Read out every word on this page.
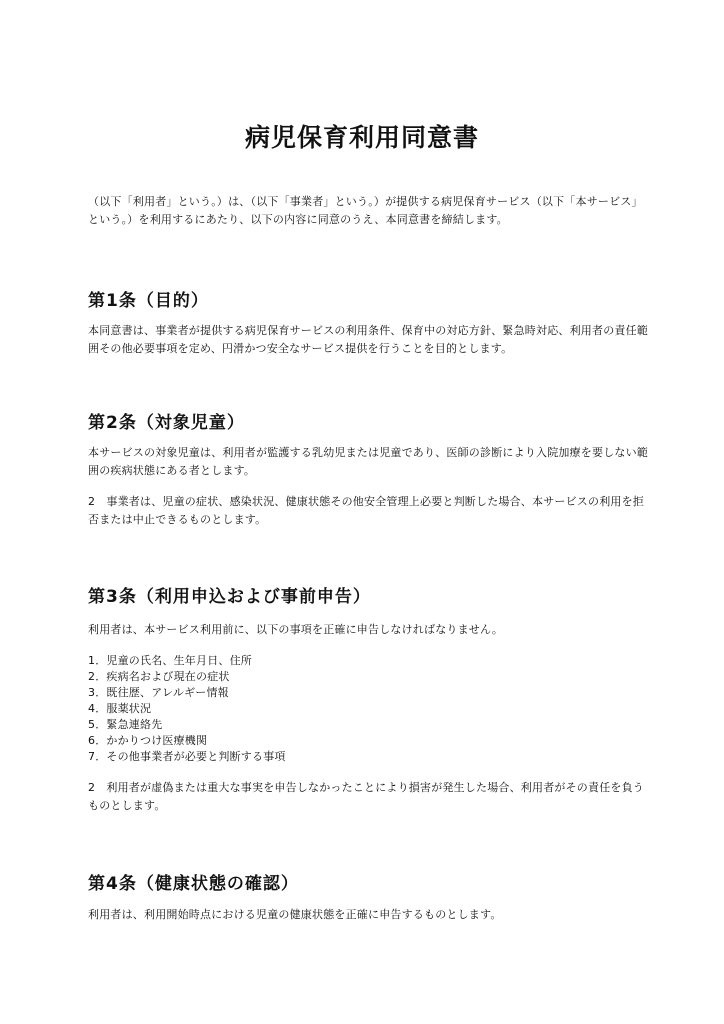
病児保育利用同意書

（以下「利用者」という。）は、（以下「事業者」という。）が提供する病児保育サービス（以下「本サービス」という。）を利用するにあたり、以下の内容に同意のうえ、本同意書を締結します。

第1条（目的）

本同意書は、事業者が提供する病児保育サービスの利用条件、保育中の対応方針、緊急時対応、利用者の責任範囲その他必要事項を定め、円滑かつ安全なサービス提供を行うことを目的とします。

第2条（対象児童）

本サービスの対象児童は、利用者が監護する乳幼児または児童であり、医師の診断により入院加療を要しない範囲の疾病状態にある者とします。

2　事業者は、児童の症状、感染状況、健康状態その他安全管理上必要と判断した場合、本サービスの利用を拒否または中止できるものとします。

第3条（利用申込および事前申告）

利用者は、本サービス利用前に、以下の事項を正確に申告しなければなりません。

1．児童の氏名、生年月日、住所
2．疾病名および現在の症状
3．既往歴、アレルギー情報
4．服薬状況
5．緊急連絡先
6．かかりつけ医療機関
7．その他事業者が必要と判断する事項

2　利用者が虚偽または重大な事実を申告しなかったことにより損害が発生した場合、利用者がその責任を負うものとします。

第4条（健康状態の確認）

利用者は、利用開始時点における児童の健康状態を正確に申告するものとします。
